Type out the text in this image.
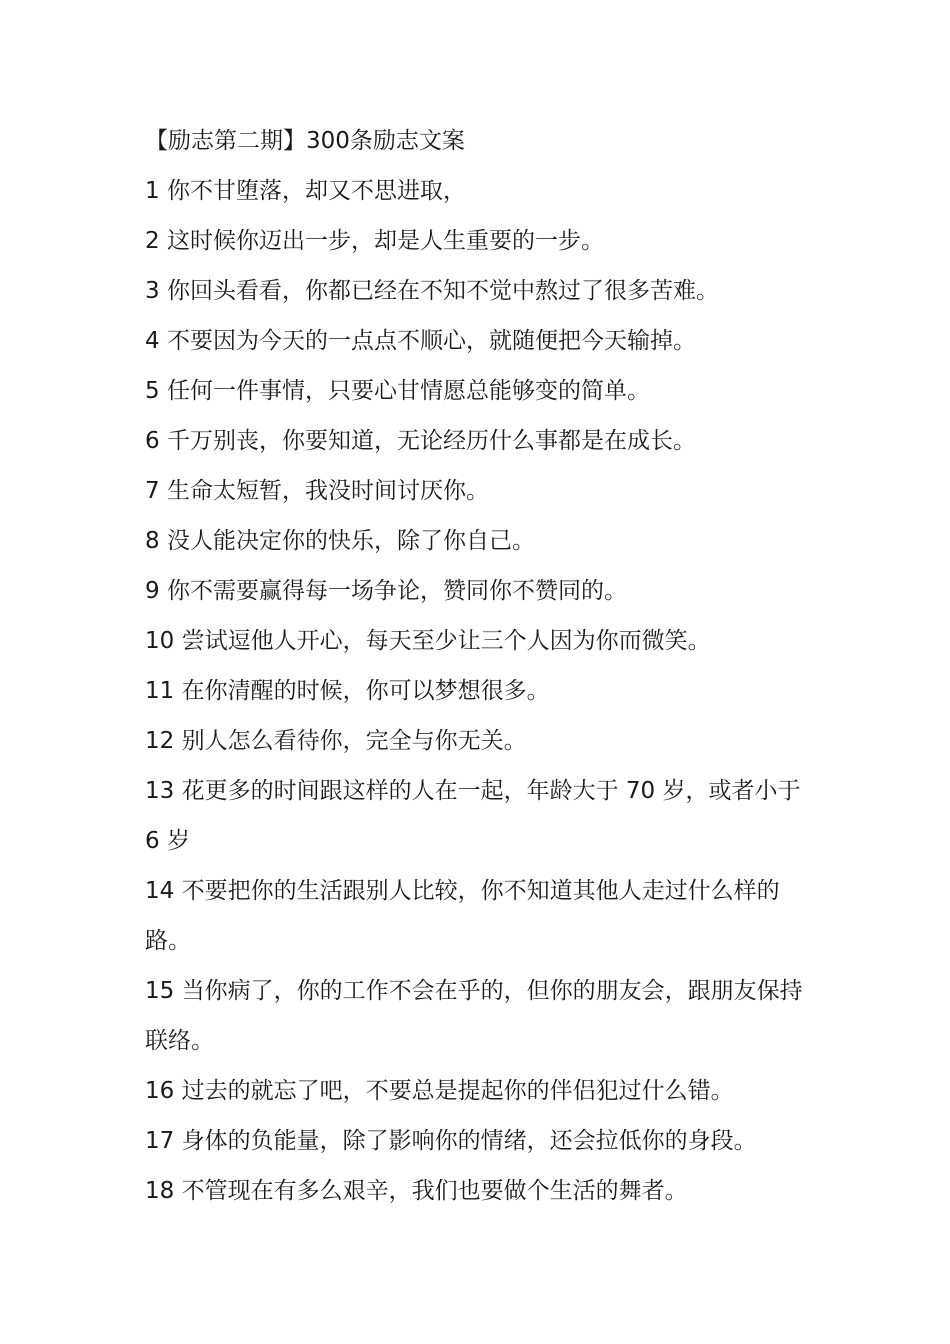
【励志第二期】300条励志文案

1 你不甘堕落，却又不思进取，

2 这时候你迈出一步，却是人生重要的一步。

3 你回头看看，你都已经在不知不觉中熬过了很多苦难。

4 不要因为今天的一点点不顺心，就随便把今天输掉。

5 任何一件事情，只要心甘情愿总能够变的简单。

6 千万别丧，你要知道，无论经历什么事都是在成长。

7 生命太短暂，我没时间讨厌你。

8 没人能决定你的快乐，除了你自己。

9 你不需要赢得每一场争论，赞同你不赞同的。

10 尝试逗他人开心，每天至少让三个人因为你而微笑。

11 在你清醒的时候，你可以梦想很多。

12 别人怎么看待你，完全与你无关。

13 花更多的时间跟这样的人在一起，年龄大于 70 岁，或者小于 6 岁

14 不要把你的生活跟别人比较，你不知道其他人走过什么样的路。

15 当你病了，你的工作不会在乎的，但你的朋友会，跟朋友保持联络。

16 过去的就忘了吧，不要总是提起你的伴侣犯过什么错。

17 身体的负能量，除了影响你的情绪，还会拉低你的身段。

18 不管现在有多么艰辛，我们也要做个生活的舞者。
